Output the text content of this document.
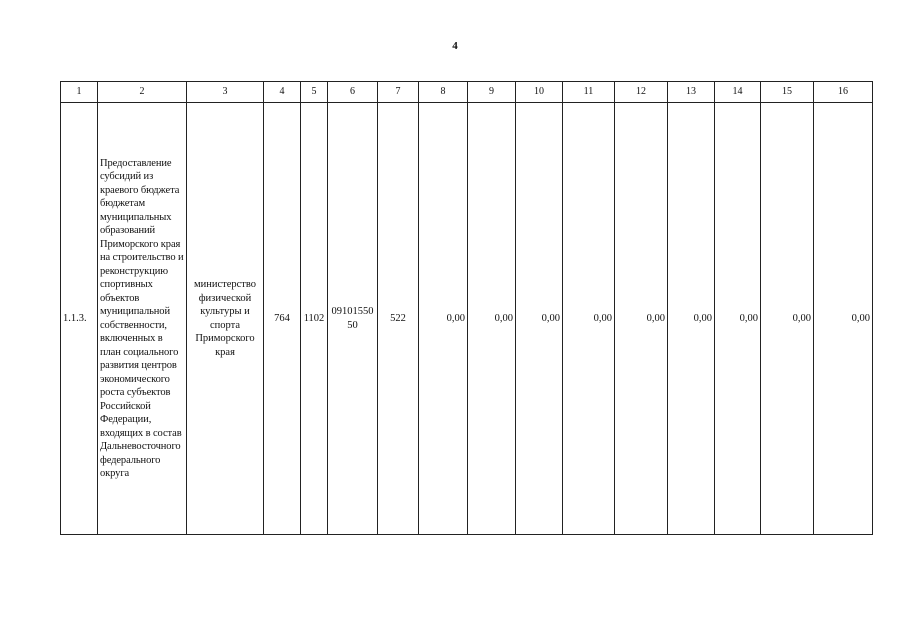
4
1	2	3	4	5	6	7	8	9	10	11	12	13	14	15	16
1.1.3.	Предоставление субсидий из краевого бюджета бюджетам муниципальных образований Приморского края на строительство и реконструкцию спортивных объектов муниципальной собственности, включенных в план социального развития центров экономического роста субъектов Российской Федерации, входящих в состав Дальневосточного федерального округа	министерство физической культуры и спорта Приморского края	764	1102	09101550 50	522	0,00	0,00	0,00	0,00	0,00	0,00	0,00	0,00	0,00
